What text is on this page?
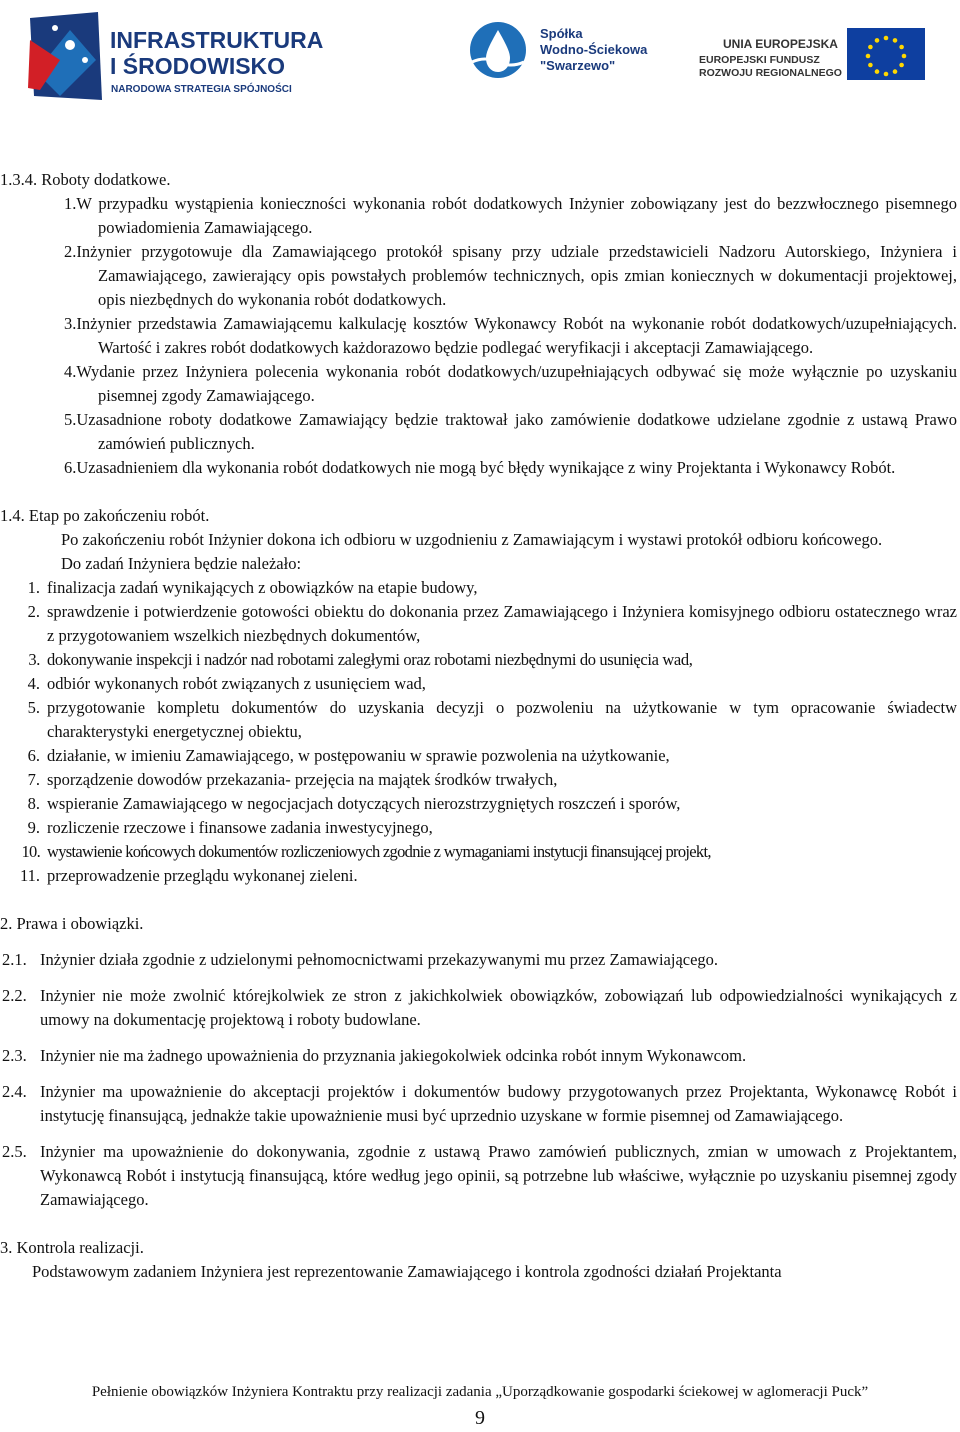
INFRASTRUKTURA
I ŚRODOWISKO
NARODOWA STRATEGIA SPÓJNOŚCI
Spółka
Wodno-Ściekowa
"Swarzewo"
UNIA EUROPEJSKA
EUROPEJSKI FUNDUSZ
ROZWOJU REGIONALNEGO

1.3.4. Roboty dodatkowe.

1.W przypadku wystąpienia konieczności wykonania robót dodatkowych Inżynier zobowiązany jest do bezzwłocznego pisemnego powiadomienia Zamawiającego.
2.Inżynier przygotowuje dla Zamawiającego protokół spisany przy udziale przedstawicieli Nadzoru Autorskiego, Inżyniera i Zamawiającego, zawierający opis powstałych problemów technicznych, opis zmian koniecznych w dokumentacji projektowej, opis niezbędnych do wykonania robót dodatkowych.
3.Inżynier przedstawia Zamawiającemu kalkulację kosztów Wykonawcy Robót na wykonanie robót dodatkowych/uzupełniających. Wartość i zakres robót dodatkowych każdorazowo będzie podlegać weryfikacji i akceptacji Zamawiającego.
4.Wydanie przez Inżyniera polecenia wykonania robót dodatkowych/uzupełniających odbywać się może wyłącznie po uzyskaniu pisemnej zgody Zamawiającego.
5.Uzasadnione roboty dodatkowe Zamawiający będzie traktował jako zamówienie dodatkowe udzielane zgodnie z ustawą Prawo zamówień publicznych.
6.Uzasadnieniem dla wykonania robót dodatkowych nie mogą być błędy wynikające z winy Projektanta i Wykonawcy Robót.

1.4. Etap po zakończeniu robót.

Po zakończeniu robót Inżynier dokona ich odbioru w uzgodnieniu z Zamawiającym i wystawi protokół odbioru końcowego.

Do zadań Inżyniera będzie należało:

1. finalizacja zadań wynikających z obowiązków na etapie budowy,
2. sprawdzenie i potwierdzenie gotowości obiektu do dokonania przez Zamawiającego i Inżyniera komisyjnego odbioru ostatecznego wraz z przygotowaniem wszelkich niezbędnych dokumentów,
3. dokonywanie inspekcji i nadzór nad robotami zaległymi oraz robotami niezbędnymi do usunięcia wad,
4. odbiór wykonanych robót związanych z usunięciem wad,
5. przygotowanie kompletu dokumentów do uzyskania decyzji o pozwoleniu na użytkowanie w tym opracowanie świadectw charakterystyki energetycznej obiektu,
6. działanie, w imieniu Zamawiającego, w postępowaniu w sprawie pozwolenia na użytkowanie,
7. sporządzenie dowodów przekazania- przejęcia na majątek środków trwałych,
8. wspieranie Zamawiającego w negocjacjach dotyczących nierozstrzygniętych roszczeń i sporów,
9. rozliczenie rzeczowe i finansowe zadania inwestycyjnego,
10. wystawienie końcowych dokumentów rozliczeniowych zgodnie z wymaganiami instytucji finansującej projekt,
11. przeprowadzenie przeglądu wykonanej zieleni.

2. Prawa i obowiązki.

2.1. Inżynier działa zgodnie z udzielonymi pełnomocnictwami przekazywanymi mu przez Zamawiającego.
2.2. Inżynier nie może zwolnić którejkolwiek ze stron z jakichkolwiek obowiązków, zobowiązań lub odpowiedzialności wynikających z umowy na dokumentację projektową i roboty budowlane.
2.3. Inżynier nie ma żadnego upoważnienia do przyznania jakiegokolwiek odcinka robót innym Wykonawcom.
2.4. Inżynier ma upoważnienie do akceptacji projektów i dokumentów budowy przygotowanych przez Projektanta, Wykonawcę Robót i instytucję finansującą, jednakże takie upoważnienie musi być uprzednio uzyskane w formie pisemnej od Zamawiającego.
2.5. Inżynier ma upoważnienie do dokonywania, zgodnie z ustawą Prawo zamówień publicznych, zmian w umowach z Projektantem, Wykonawcą Robót i instytucją finansującą, które według jego opinii, są potrzebne lub właściwe, wyłącznie po uzyskaniu pisemnej zgody Zamawiającego.

3. Kontrola realizacji.

Podstawowym zadaniem Inżyniera jest reprezentowanie Zamawiającego i kontrola zgodności działań Projektanta

Pełnienie obowiązków Inżyniera Kontraktu przy realizacji zadania „Uporządkowanie gospodarki ściekowej w aglomeracji Puck”
9
